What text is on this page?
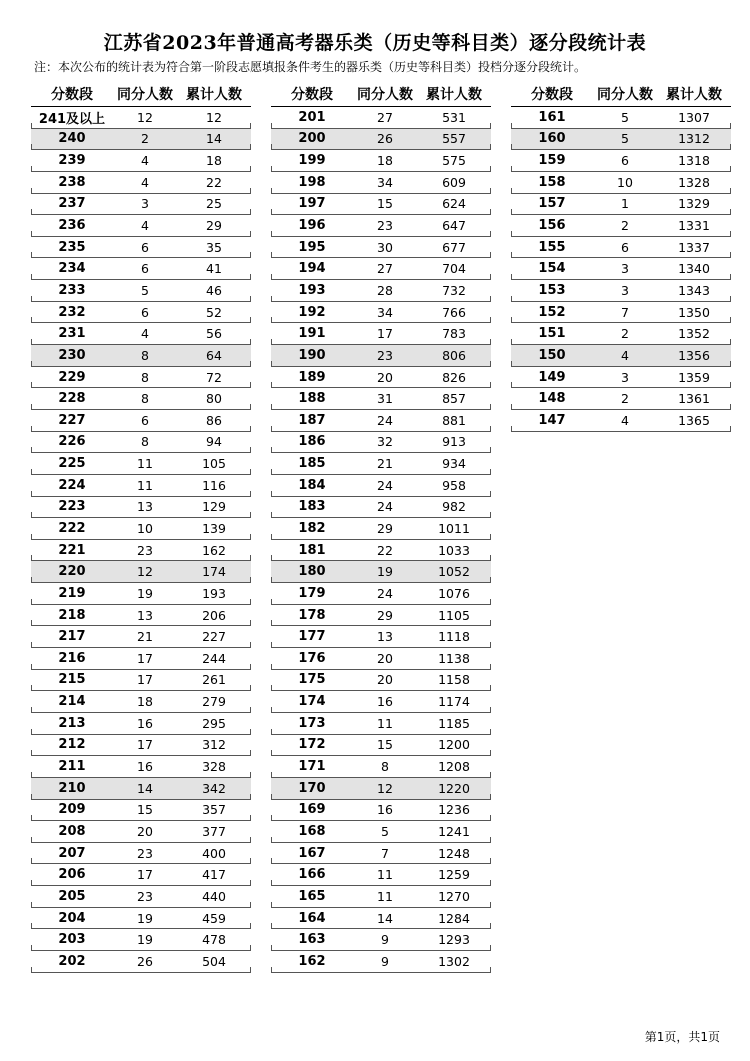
江苏省2023年普通高考器乐类（历史等科目类）逐分段统计表
注：本次公布的统计表为符合第一阶段志愿填报条件考生的器乐类（历史等科目类）投档分逐分段统计。
分数段	同分人数 累计人数
241及以上	12	12
240	2	14
239	4	18
238	4	22
237	3	25
236	4	29
235	6	35
234	6	41
233	5	46
232	6	52
231	4	56
230	8	64
229	8	72
228	8	80
227	6	86
226	8	94
225	11	105
224	11	116
223	13	129
222	10	139
221	23	162
220	12	174
219	19	193
218	13	206
217	21	227
216	17	244
215	17	261
214	18	279
213	16	295
212	17	312
211	16	328
210	14	342
209	15	357
208	20	377
207	23	400
206	17	417
205	23	440
204	19	459
203	19	478
202	26	504
分数段	同分人数 累计人数
201	27	531
200	26	557
199	18	575
198	34	609
197	15	624
196	23	647
195	30	677
194	27	704
193	28	732
192	34	766
191	17	783
190	23	806
189	20	826
188	31	857
187	24	881
186	32	913
185	21	934
184	24	958
183	24	982
182	29	1011
181	22	1033
180	19	1052
179	24	1076
178	29	1105
177	13	1118
176	20	1138
175	20	1158
174	16	1174
173	11	1185
172	15	1200
171	8	1208
170	12	1220
169	16	1236
168	5	1241
167	7	1248
166	11	1259
165	11	1270
164	14	1284
163	9	1293
162	9	1302
分数段	同分人数 累计人数
161	5	1307
160	5	1312
159	6	1318
158	10	1328
157	1	1329
156	2	1331
155	6	1337
154	3	1340
153	3	1343
152	7	1350
151	2	1352
150	4	1356
149	3	1359
148	2	1361
147	4	1365
第1页，共1页
